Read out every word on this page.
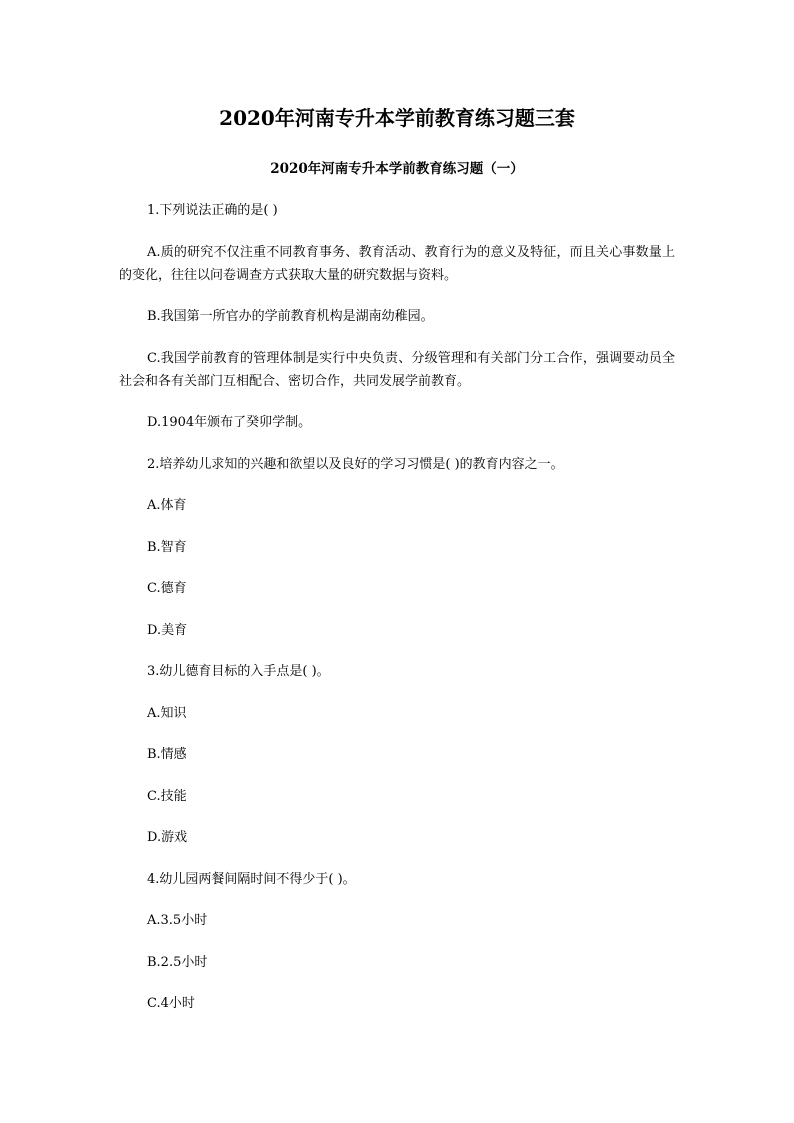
2020年河南专升本学前教育练习题三套
2020年河南专升本学前教育练习题（一）

1.下列说法正确的是( )

A.质的研究不仅注重不同教育事务、教育活动、教育行为的意义及特征，而且关心事数量上的变化，往往以问卷调查方式获取大量的研究数据与资料。

B.我国第一所官办的学前教育机构是湖南幼稚园。

C.我国学前教育的管理体制是实行中央负责、分级管理和有关部门分工合作，强调要动员全社会和各有关部门互相配合、密切合作，共同发展学前教育。

D.1904年颁布了癸卯学制。

2.培养幼儿求知的兴趣和欲望以及良好的学习习惯是( )的教育内容之一。

A.体育

B.智育

C.德育

D.美育

3.幼儿德育目标的入手点是( )。

A.知识

B.情感

C.技能

D.游戏

4.幼儿园两餐间隔时间不得少于( )。

A.3.5小时

B.2.5小时

C.4小时
